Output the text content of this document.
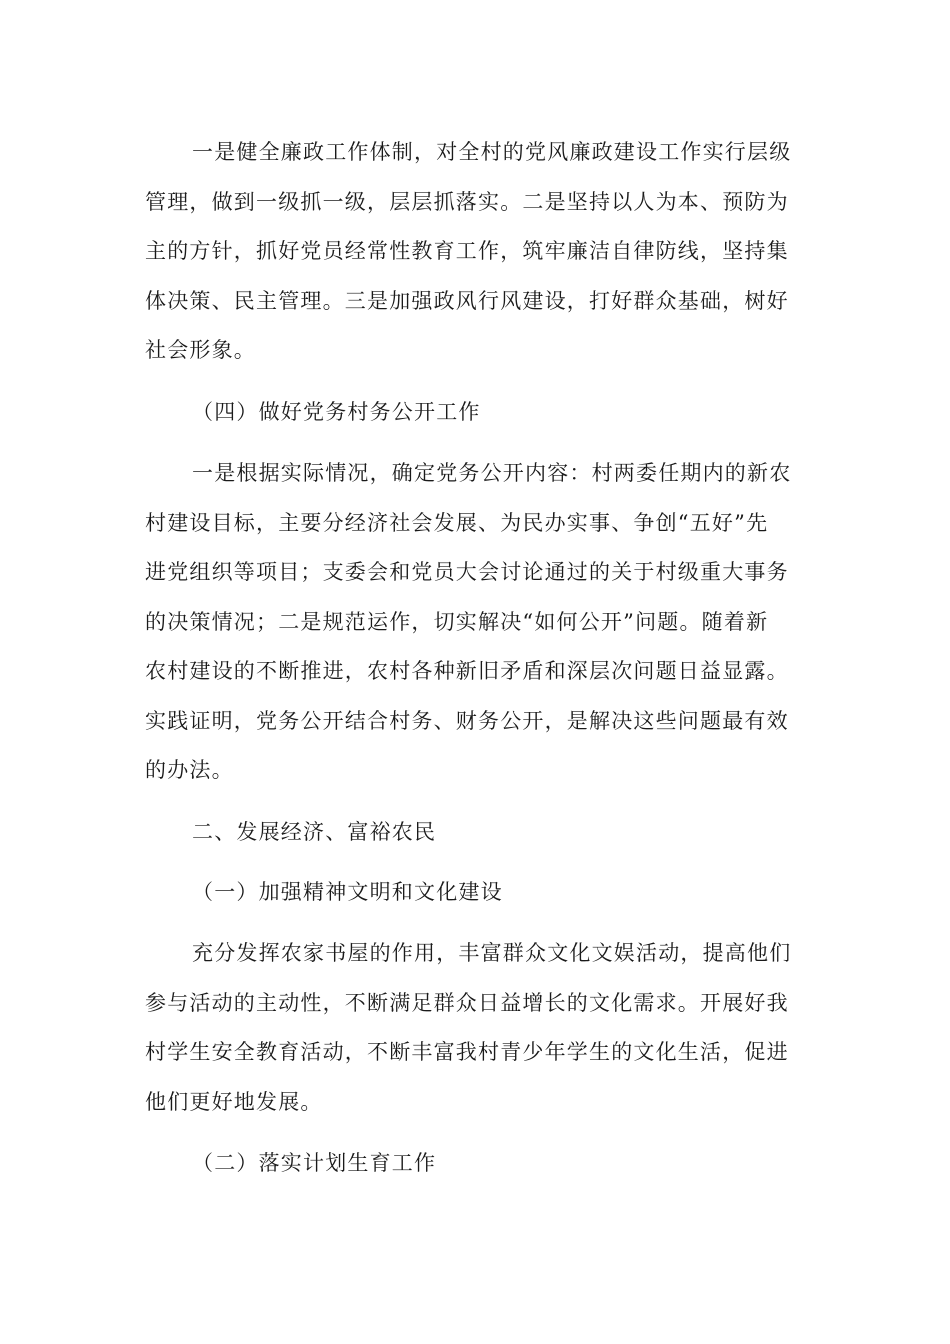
一是健全廉政工作体制，对全村的党风廉政建设工作实行层级
管理，做到一级抓一级，层层抓落实。二是坚持以人为本、预防为
主的方针，抓好党员经常性教育工作，筑牢廉洁自律防线，坚持集
体决策、民主管理。三是加强政风行风建设，打好群众基础，树好
社会形象。
（四）做好党务村务公开工作
一是根据实际情况，确定党务公开内容：村两委任期内的新农
村建设目标，主要分经济社会发展、为民办实事、争创“五好”先
进党组织等项目；支委会和党员大会讨论通过的关于村级重大事务
的决策情况；二是规范运作，切实解决“如何公开”问题。随着新
农村建设的不断推进，农村各种新旧矛盾和深层次问题日益显露。
实践证明，党务公开结合村务、财务公开，是解决这些问题最有效
的办法。
二、发展经济、富裕农民
（一）加强精神文明和文化建设
充分发挥农家书屋的作用，丰富群众文化文娱活动，提高他们
参与活动的主动性，不断满足群众日益增长的文化需求。开展好我
村学生安全教育活动，不断丰富我村青少年学生的文化生活，促进
他们更好地发展。
（二）落实计划生育工作
